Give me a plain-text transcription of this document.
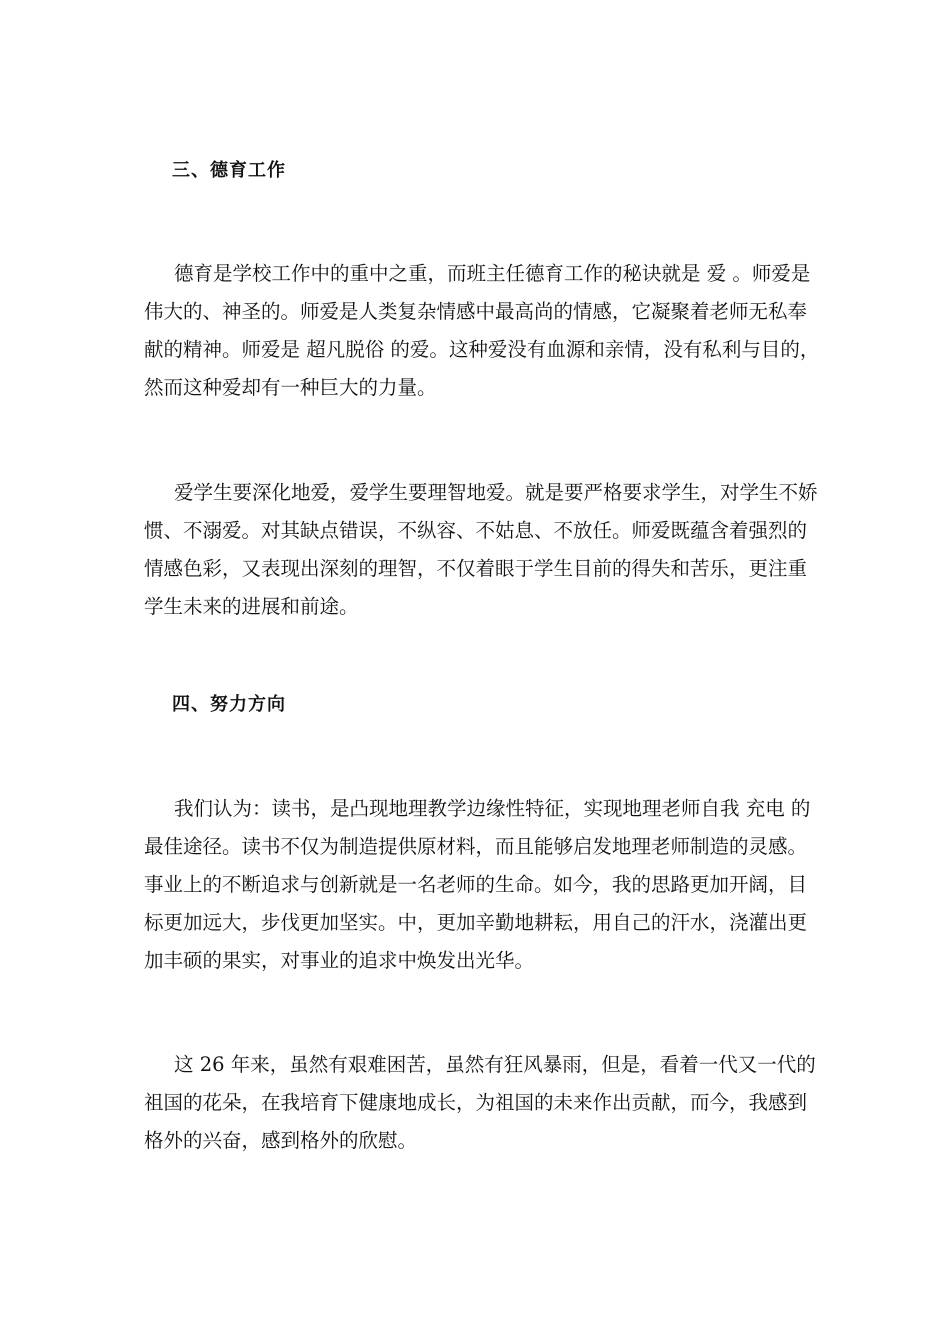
三、德育工作

德育是学校工作中的重中之重，而班主任德育工作的秘诀就是 爱 。师爱是
伟大的、神圣的。师爱是人类复杂情感中最高尚的情感，它凝聚着老师无私奉
献的精神。师爱是 超凡脱俗 的爱。这种爱没有血源和亲情，没有私利与目的，
然而这种爱却有一种巨大的力量。

爱学生要深化地爱，爱学生要理智地爱。就是要严格要求学生，对学生不娇
惯、不溺爱。对其缺点错误，不纵容、不姑息、不放任。师爱既蕴含着强烈的
情感色彩，又表现出深刻的理智，不仅着眼于学生目前的得失和苦乐，更注重
学生未来的进展和前途。

四、努力方向

我们认为：读书，是凸现地理教学边缘性特征，实现地理老师自我 充电 的
最佳途径。读书不仅为制造提供原材料，而且能够启发地理老师制造的灵感。
事业上的不断追求与创新就是一名老师的生命。如今，我的思路更加开阔，目
标更加远大，步伐更加坚实。中，更加辛勤地耕耘，用自己的汗水，浇灌出更
加丰硕的果实，对事业的追求中焕发出光华。

这 26 年来，虽然有艰难困苦，虽然有狂风暴雨，但是，看着一代又一代的
祖国的花朵，在我培育下健康地成长，为祖国的未来作出贡献，而今，我感到
格外的兴奋，感到格外的欣慰。
